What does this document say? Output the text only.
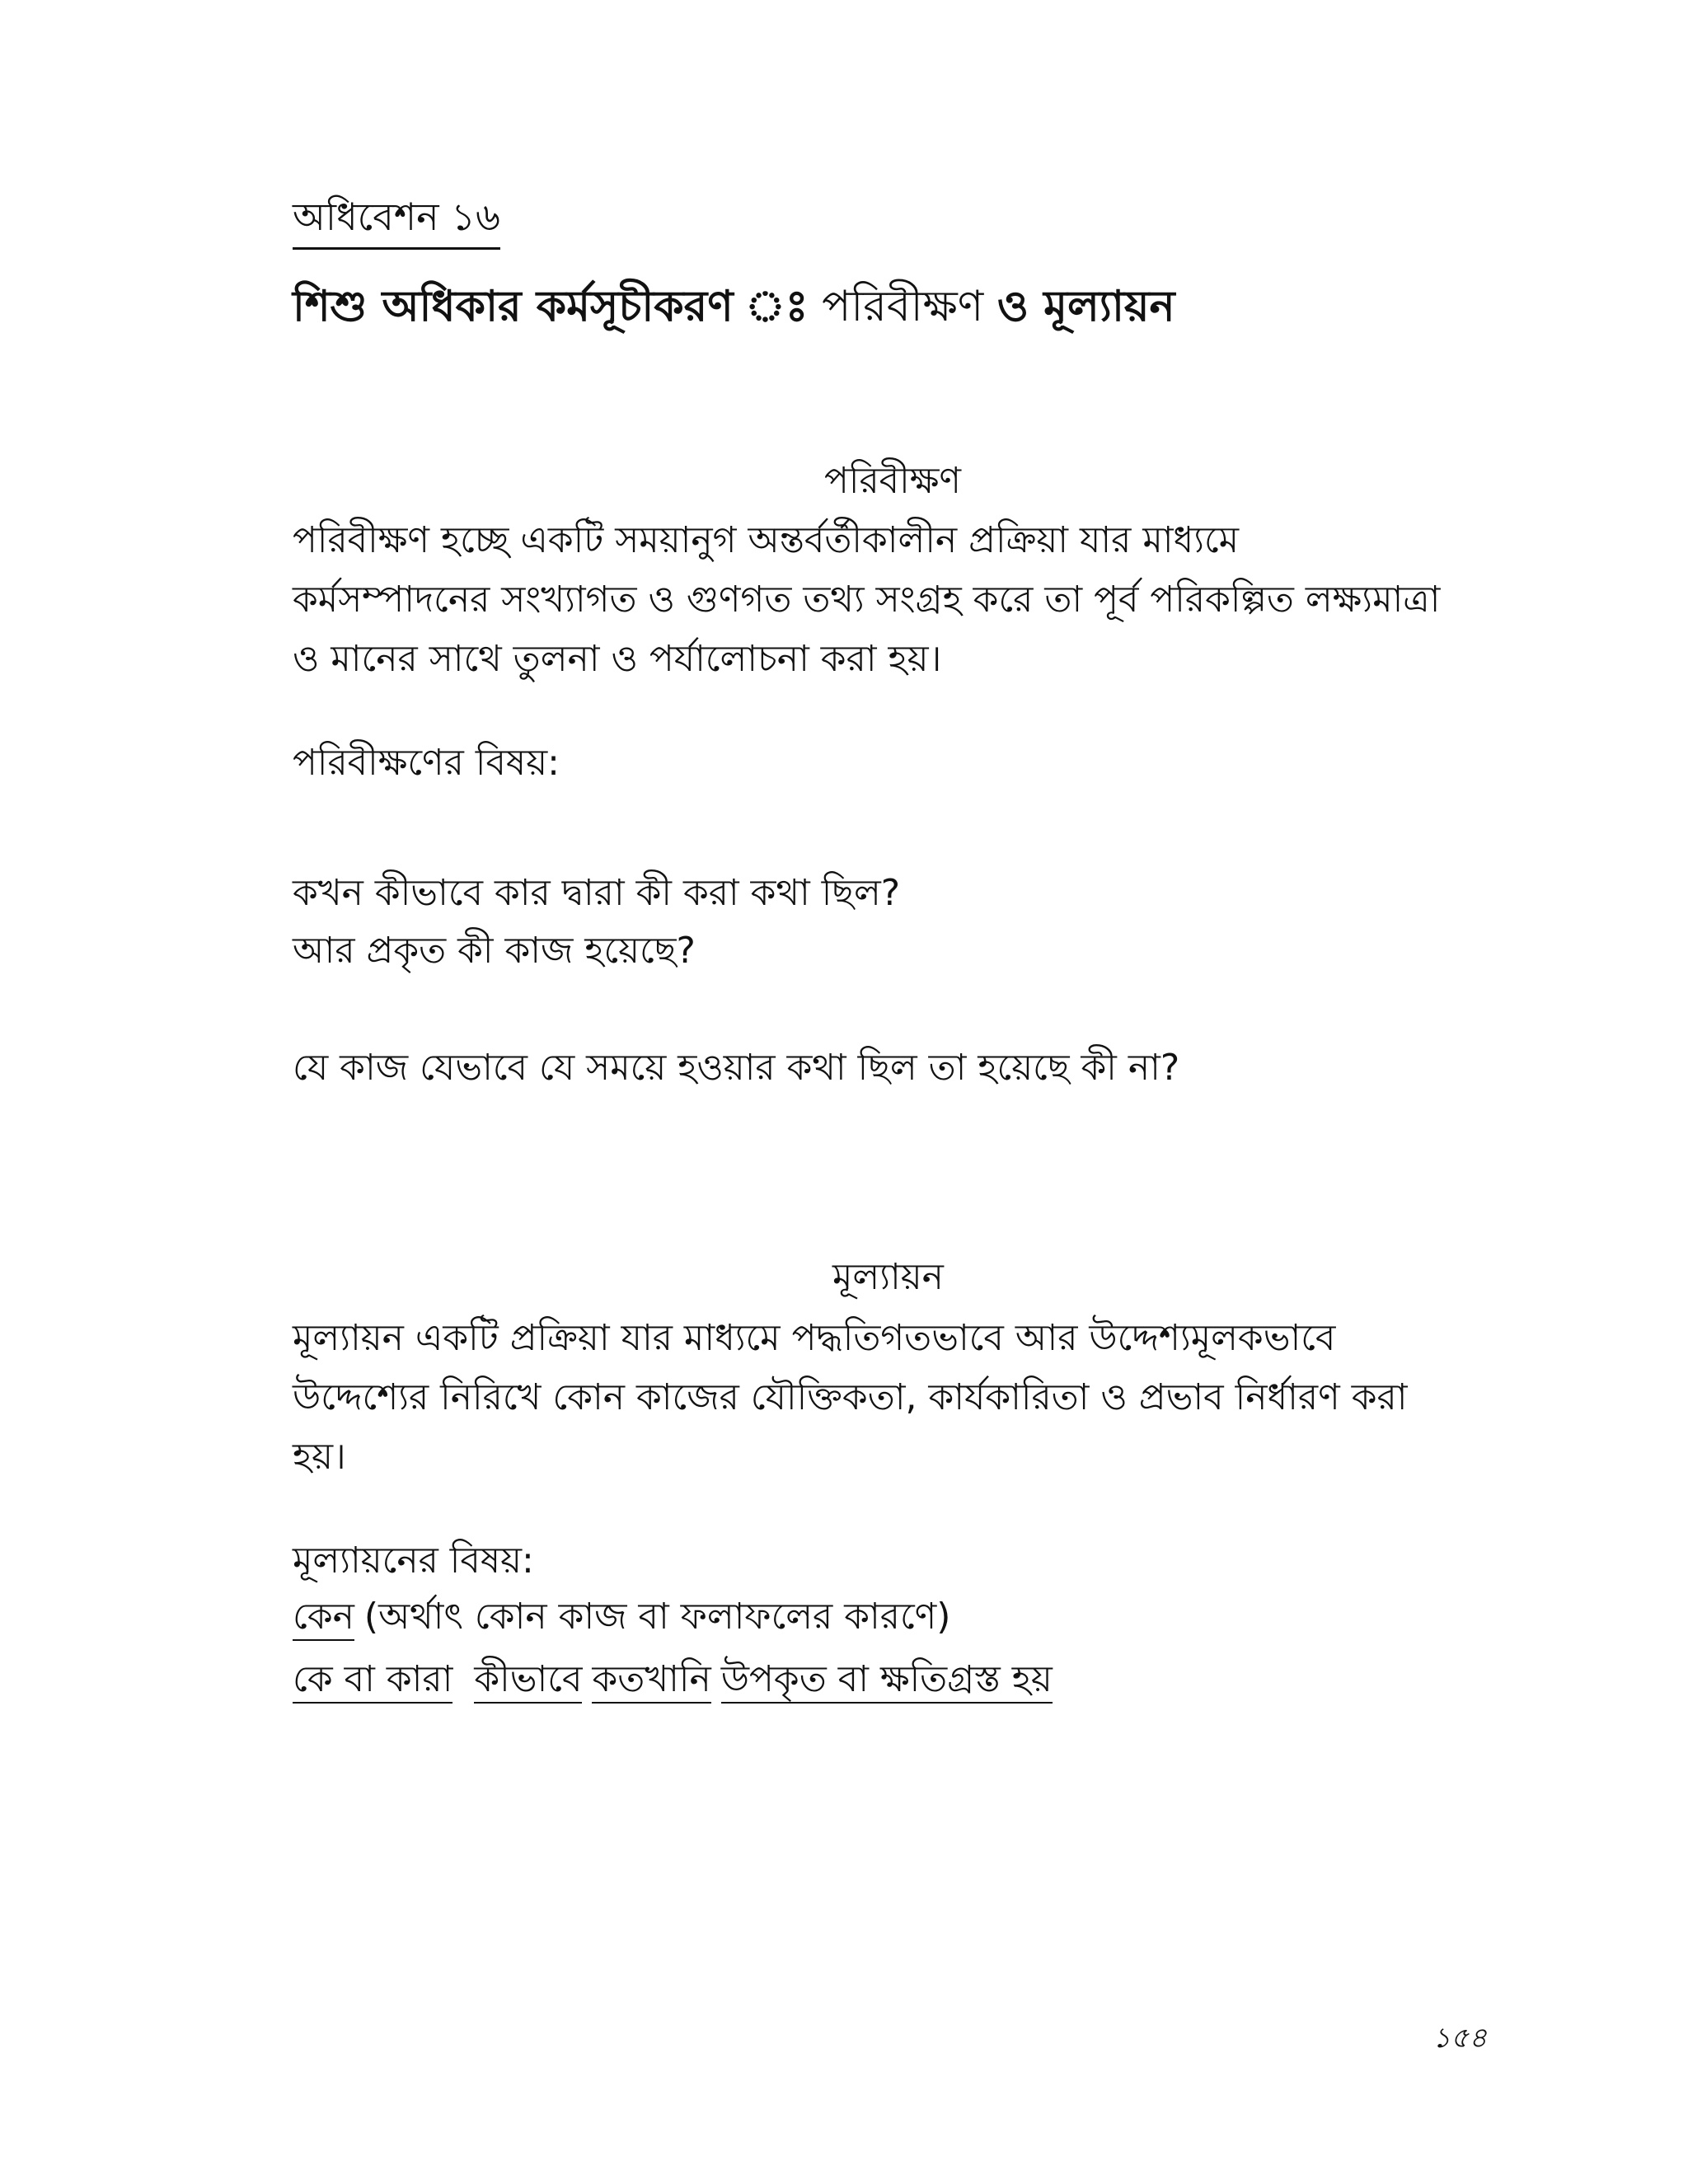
অধিবেশন ১৬
শিশু অধিকার কর্মসূচীকরণ ঃ পরিবীক্ষণ ও মূল্যায়ন
পরিবীক্ষণ
পরিবীক্ষণ হচ্ছে একটি সময়ানুগ অন্তর্বর্তীকালীন প্রক্রিয়া যার মাধ্যমে
কর্মসম্পাদনের সংখ্যাগত ও গুণগত তথ্য সংগ্রহ করে তা পূর্ব পরিকল্পিত লক্ষ্যমাত্রা
ও মানের সাথে তুলনা ও পর্যালোচনা করা হয়।
পরিবীক্ষণের বিষয়:
কখন কীভাবে কার দ্বারা কী করা কথা ছিল?
আর প্রকৃত কী কাজ হয়েছে?
যে কাজ যেভাবে যে সময়ে হওয়ার কথা ছিল তা হয়েছে কী না?
মূল্যায়ন
মূল্যায়ন একটি প্রক্রিয়া যার মাধ্যমে পদ্ধতিগতভাবে আর উদ্দেশ্যমূলকভাবে
উদ্দেশ্যের নিরিখে কোন কাজের যৌক্তিকতা, কার্যকারিতা ও প্রভাব নির্ধারণ করা
হয়।
মূল্যায়নের বিষয়:
কেন (অর্থাৎ কোন কাজ বা ফলাফলের কারণে)
কে বা কারা কীভাবে কতখানি উপকৃত বা ক্ষতিগ্রস্ত হয়
১৫৪
